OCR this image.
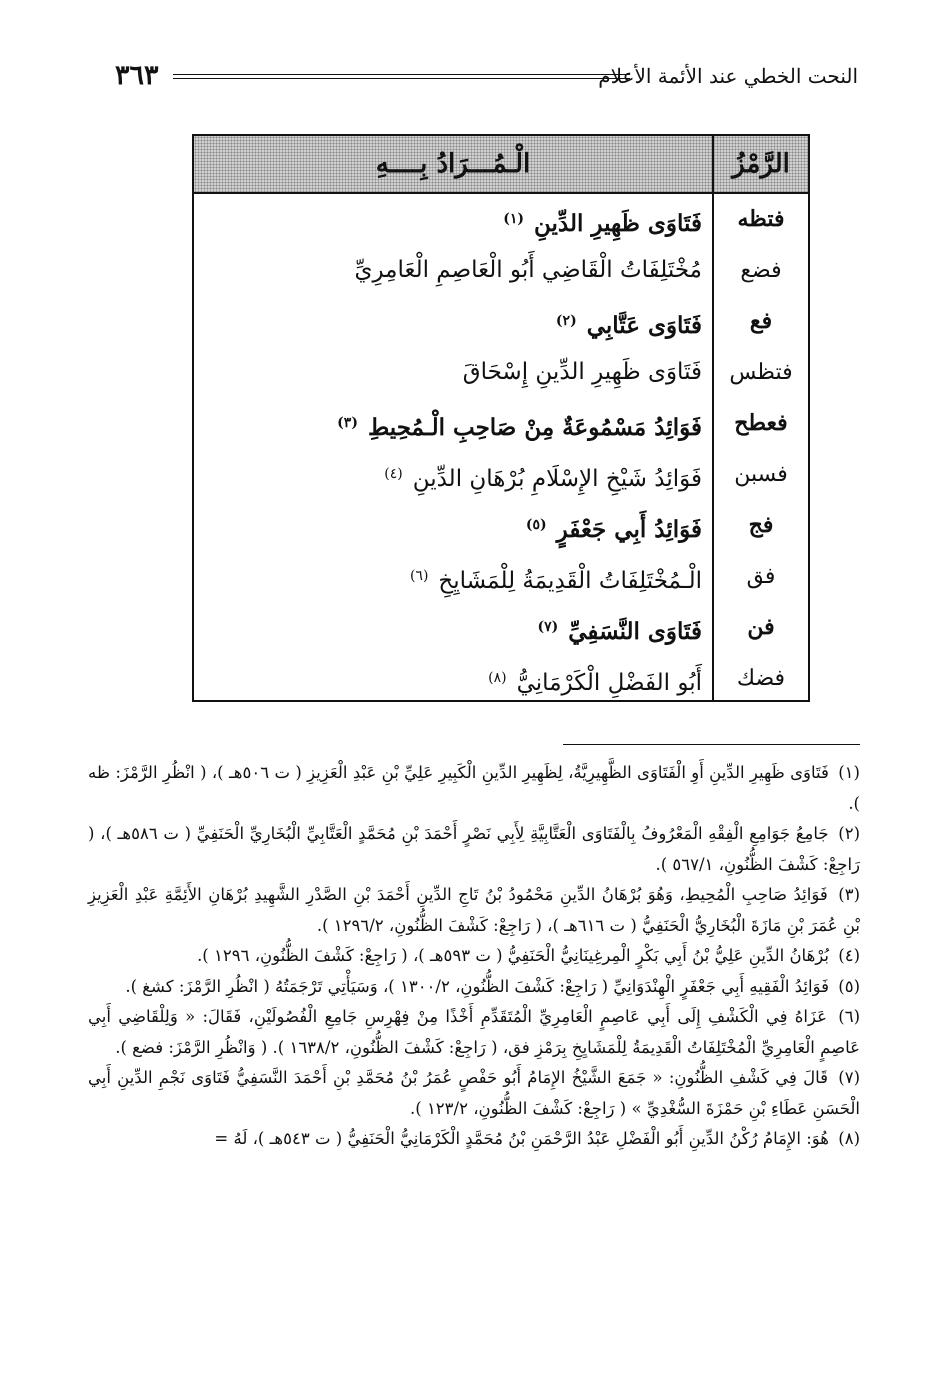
النحت الخطي عند الأئمة الأعلام
٣٦٣
الرَّمْزُ
الْـمُـــرَادُ بِــــهِ
فتظه
فَتَاوَى ظَهِيرِ الدِّينِ$^{(١)}$
فضع
مُخْتَلِفَاتُ الْقَاضِي أَبُو الْعَاصِمِ الْعَامِرِيِّ
فع
فَتَاوَى عَتَّابِي$^{(٢)}$
فتظس
فَتَاوَى ظَهِيرِ الدِّينِ إِسْحَاقَ
فعطح
فَوَائِدُ مَسْمُوعَةٌ مِنْ صَاحِبِ الْـمُحِيطِ$^{(٣)}$
فسبن
فَوَائِدُ شَيْخِ الإِسْلَامِ بُرْهَانِ الدِّينِ$^{(٤)}$
فج
فَوَائِدُ أَبِي جَعْفَرٍ$^{(٥)}$
فق
الْـمُخْتَلِفَاتُ الْقَدِيمَةُ لِلْمَشَايِخِ$^{(٦)}$
فن
فَتَاوَى النَّسَفِيِّ$^{(٧)}$
فضك
أَبُو الفَضْلِ الْكَرْمَانِيُّ$^{(٨)}$

(١) فَتَاوَى ظَهِيرِ الدِّينِ أَوِ الْفَتَاوَى الظَّهِيرِيَّةُ، لِظَهِيرِ الدِّينِ الْكَبِيرِ عَلِيِّ بْنِ عَبْدِ الْعَزِيزِ ( ت ٥٠٦هـ )، ( انْظُرِ الرَّمْزَ: ظه ).

(٢) جَامِعُ جَوَامِعِ الْفِقْهِ الْمَعْرُوفُ بِالْفَتَاوَى الْعَتَّابِيَّةِ لِأَبِي نَصْرٍ أَحْمَدَ بْنِ مُحَمَّدٍ الْعَتَّابِيِّ الْبُخَارِيِّ الْحَنَفِيِّ ( ت ٥٨٦هـ )، ( رَاجِعْ: كَشْفَ الظُّنُونِ، ٥٦٧/١ ).

(٣) فَوَائِدُ صَاحِبِ الْمُحِيطِ، وَهُوَ بُرْهَانُ الدِّينِ مَحْمُودُ بْنُ تَاجِ الدِّينِ أَحْمَدَ بْنِ الصَّدْرِ الشَّهِيدِ بُرْهَانِ الأَئِمَّةِ عَبْدِ الْعَزِيزِ بْنِ عُمَرَ بْنِ مَازَةَ الْبُخَارِيُّ الْحَنَفِيُّ ( ت ٦١٦هـ )، ( رَاجِعْ: كَشْفَ الظُّنُونِ، ١٢٩٦/٢ ).

(٤) بُرْهَانُ الدِّينِ عَلِيُّ بْنُ أَبِي بَكْرٍ الْمِرغِينَانِيُّ الْحَنَفِيُّ ( ت ٥٩٣هـ )، ( رَاجِعْ: كَشْفَ الظُّنُونِ، ١٢٩٦ ).

(٥) فَوَائِدُ الْفَقِيهِ أَبِي جَعْفَرٍ الْهِنْدَوَانِيِّ ( رَاجِعْ: كَشْفَ الظُّنُونِ، ١٣٠٠/٢ )، وَسَيَأْتِي تَرْجَمَتُهُ ( انْظُرِ الرَّمْزَ: كشغ ).

(٦) عَزَاهُ فِي الْكَشْفِ إِلَى أَبِي عَاصِمٍ الْعَامِرِيِّ الْمُتَقَدِّمِ أَخْذًا مِنْ فِهْرِسِ جَامِعِ الْفُصُولَيْنِ، فَقَالَ: « وَلِلْقَاضِي أَبِي عَاصِمٍ الْعَامِرِيِّ الْمُخْتَلِفَاتُ الْقَدِيمَةُ لِلْمَشَايِخِ بِرَمْزِ فق، ( رَاجِعْ: كَشْفَ الظُّنُونِ، ١٦٣٨/٢ ). ( وَانْظُرِ الرَّمْزَ: فضع ).

(٧) قَالَ فِي كَشْفِ الظُّنُونِ: « جَمَعَ الشَّيْخُ الإِمَامُ أَبُو حَفْصٍ عُمَرُ بْنُ مُحَمَّدِ بْنِ أَحْمَدَ النَّسَفِيُّ فَتَاوَى نَجْمِ الدِّينِ أَبِي الْحَسَنِ عَطَاءِ بْنِ حَمْزَةَ السُّغْدِيِّ » ( رَاجِعْ: كَشْفَ الظُّنُونِ، ١٢٣/٢ ).

(٨) هُوَ: الإِمَامُ رُكْنُ الدِّينِ أَبُو الْفَضْلِ عَبْدُ الرَّحْمَنِ بْنُ مُحَمَّدٍ الْكَرْمَانِيُّ الْحَنَفِيُّ ( ت ٥٤٣هـ )، لَهُ =
